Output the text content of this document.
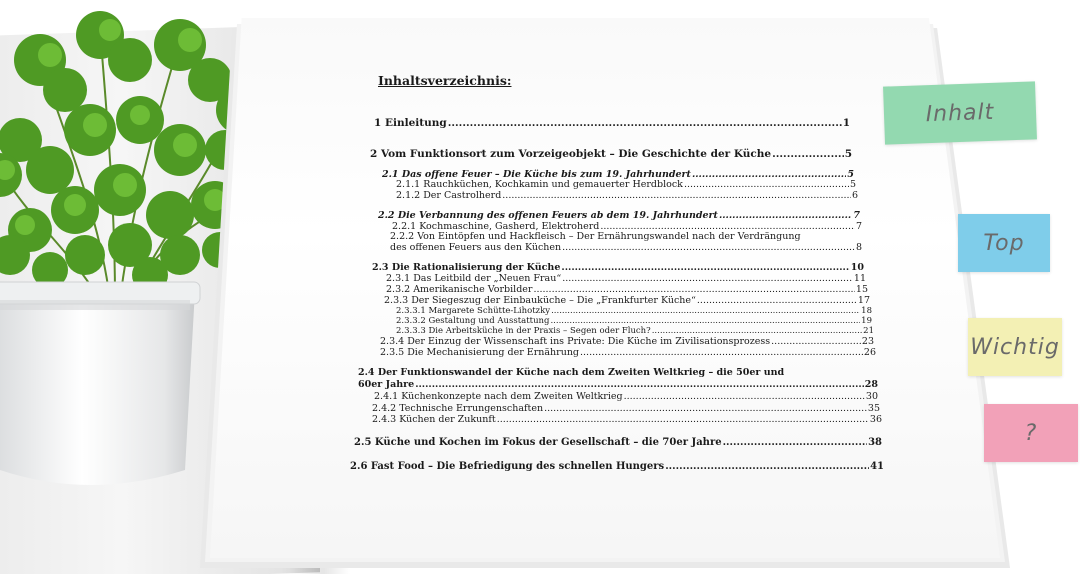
Inhalt
Top
Wichtig
?
Inhaltsverzeichnis:
1 Einleitung .....	1
2 Vom Funktionsort zum Vorzeigeobjekt – Die Geschichte der Küche .....	5
2.1 Das offene Feuer – Die Küche bis zum 19. Jahrhundert .....	5
2.1.1 Rauchküchen, Kochkamin und gemauerter Herdblock .....	5
2.1.2 Der Castrolherd .....	6
2.2 Die Verbannung des offenen Feuers ab dem 19. Jahrhundert .....	7
2.2.1 Kochmaschine, Gasherd, Elektroherd .....	7
2.2.2 Von Eintöpfen und Hackfleisch – Der Ernährungswandel nach der Verdrängung
des offenen Feuers aus den Küchen .....	8
2.3 Die Rationalisierung der Küche .....	10
2.3.1 Das Leitbild der „Neuen Frau“ .....	11
2.3.2 Amerikanische Vorbilder .....	15
2.3.3 Der Siegeszug der Einbauküche – Die „Frankfurter Küche“ .....	17
2.3.3.1 Margarete Schütte-Lihotzky .....	18
2.3.3.2 Gestaltung und Ausstattung .....	19
2.3.3.3 Die Arbeitsküche in der Praxis – Segen oder Fluch? .....	21
2.3.4 Der Einzug der Wissenschaft ins Private: Die Küche im Zivilisationsprozess .....	23
2.3.5 Die Mechanisierung der Ernährung .....	26
2.4 Der Funktionswandel der Küche nach dem Zweiten Weltkrieg – die 50er und
60er Jahre .....	28
2.4.1 Küchenkonzepte nach dem Zweiten Weltkrieg .....	30
2.4.2 Technische Errungenschaften .....	35
2.4.3 Küchen der Zukunft .....	36
2.5 Küche und Kochen im Fokus der Gesellschaft – die 70er Jahre .....	38
2.6 Fast Food – Die Befriedigung des schnellen Hungers .....	41
